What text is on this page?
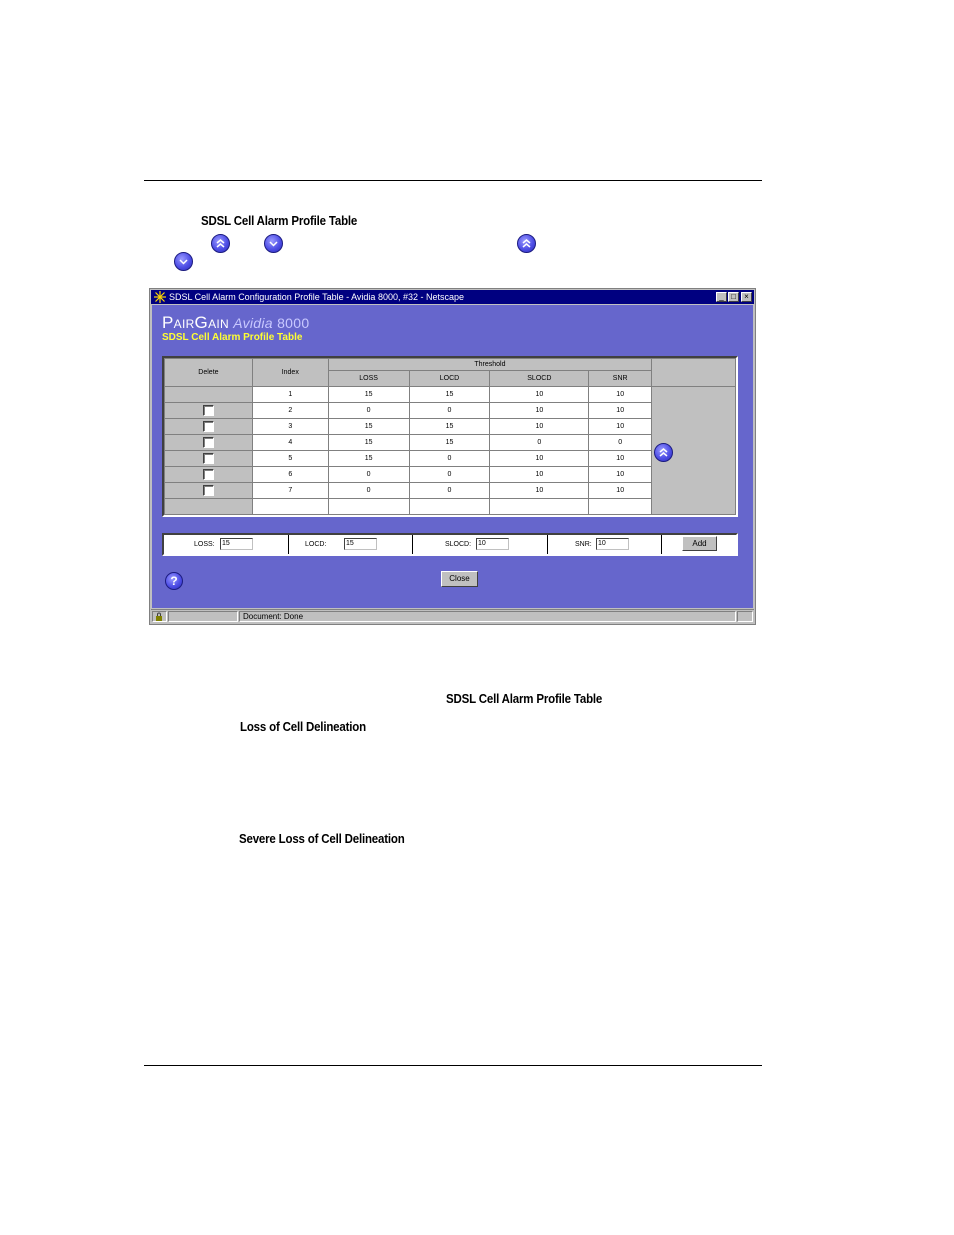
SDSL Cell Alarm Profile Table
SDSL Cell Alarm Configuration Profile Table - Avidia 8000, #32 - Netscape	_ □	×
PAIRGAIN Avidia 8000
SDSL Cell Alarm Profile Table
Delete	Index	Threshold				
		LOSS	LOCD	SLOCD	SNR	
	1	15	15	10	10	

	2	0	0	10	10	
	3	15	15	10	10	
	4	15	15	0	0	
	5	15	0	10	10	
	6	0	0	10	10	
	7	0	0	10	10	

LOSS: 15	LOCD:	15	SLOCD: 10	SNR: 10	Add
?	Close
Document: Done
SDSL Cell Alarm Profile Table
Loss of Cell Delineation
Severe Loss of Cell Delineation
